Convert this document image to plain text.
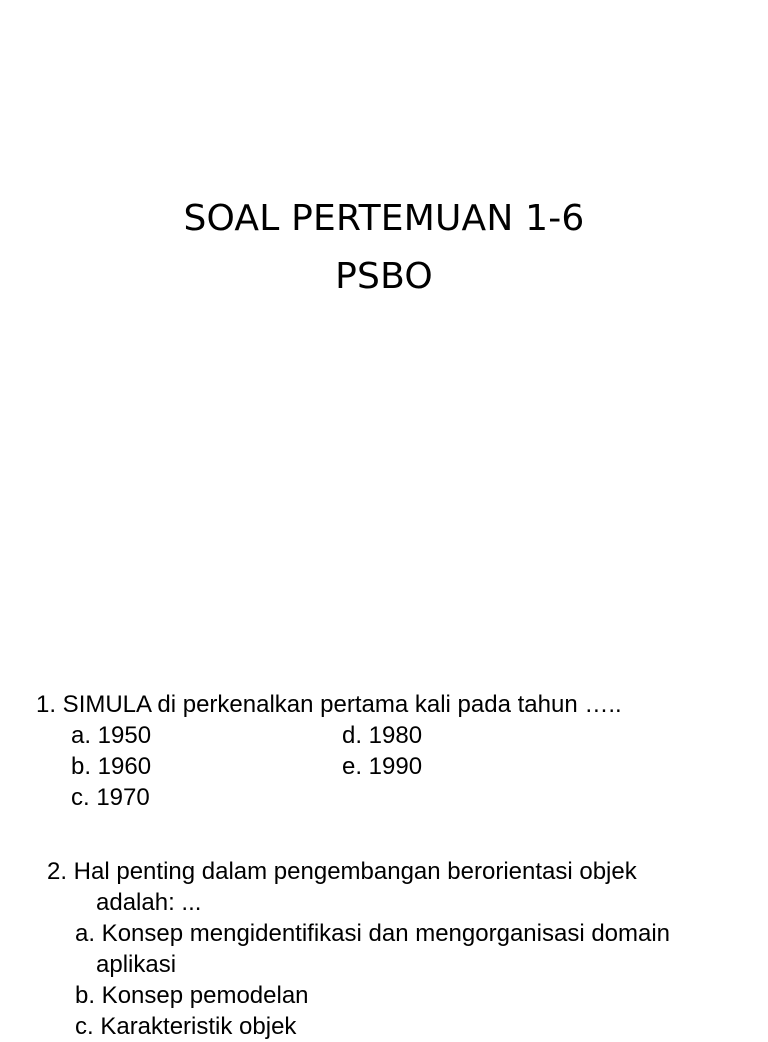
SOAL PERTEMUAN 1-6
PSBO
1. SIMULA di perkenalkan pertama kali pada tahun …..
a. 1950	d. 1980
b. 1960	e. 1990
c. 1970
2. Hal penting dalam pengembangan berorientasi objek
adalah: ...
a. Konsep mengidentifikasi dan mengorganisasi domain
aplikasi
b. Konsep pemodelan
c. Karakteristik objek
